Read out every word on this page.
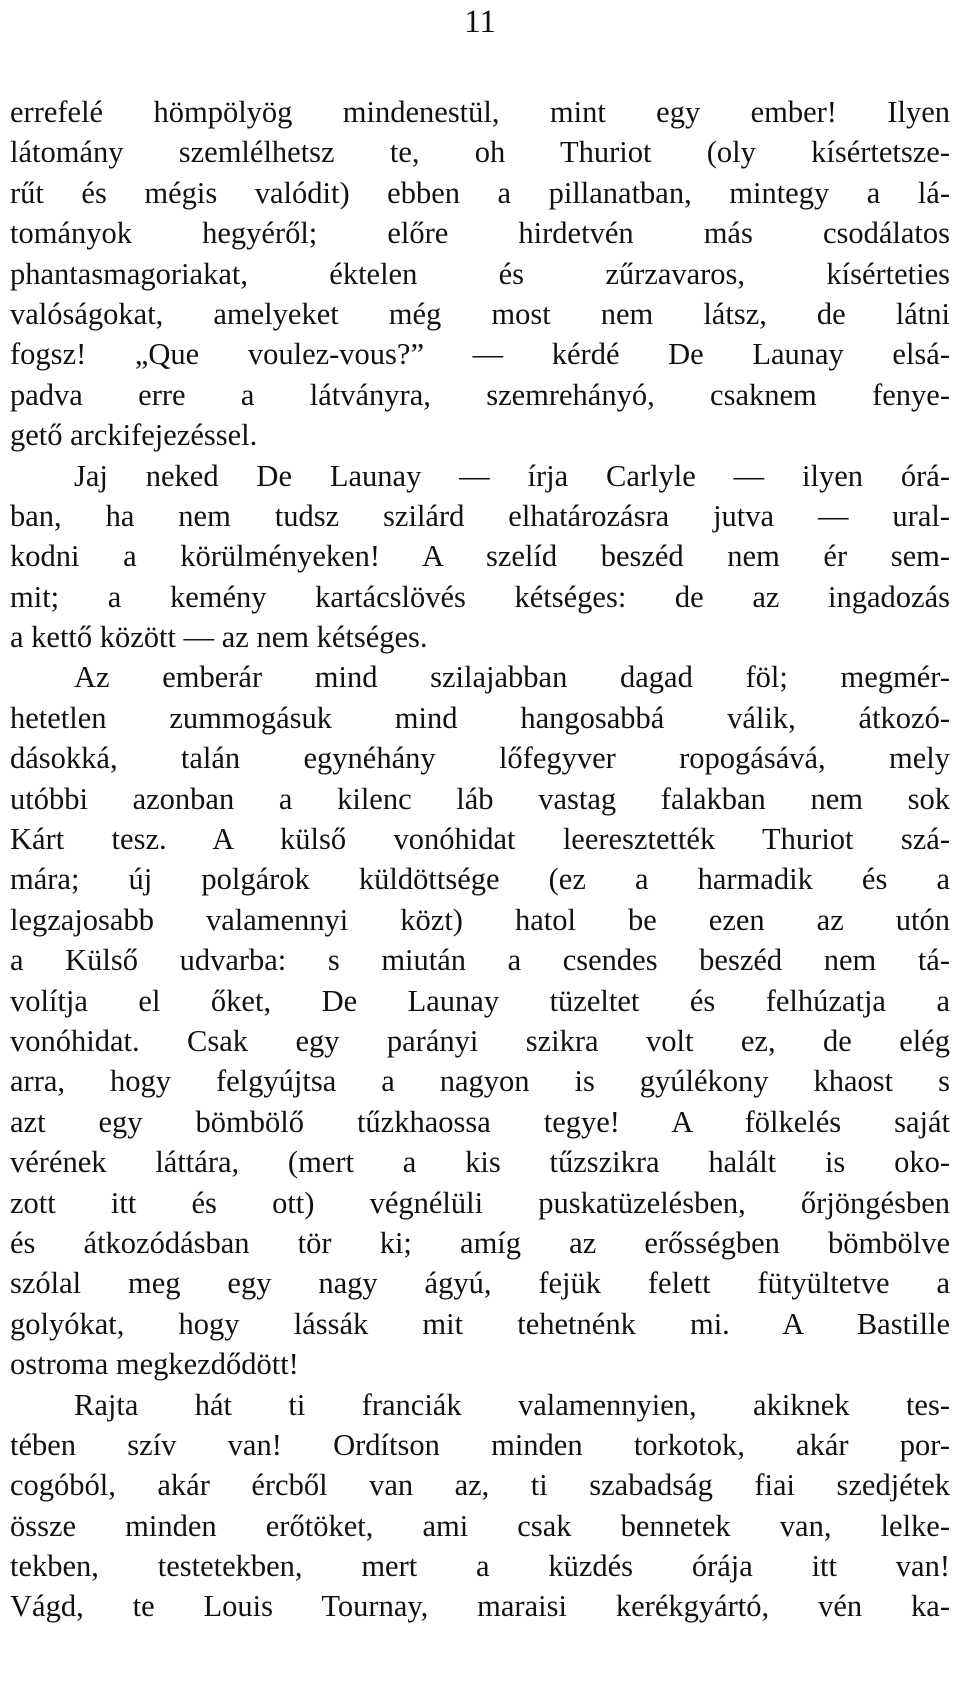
11
errefelé hömpölyög mindenestül, mint egy ember! Ilyen
látomány szemlélhetsz te, oh Thuriot (oly kísértetsze-
rűt és mégis valódit) ebben a pillanatban, mintegy a lá-
tományok hegyéről; előre hirdetvén más csodálatos
phantasmagoriakat, éktelen és zűrzavaros, kísérteties
valóságokat, amelyeket még most nem látsz, de látni
fogsz! „Que voulez-vous?” — kérdé De Launay elsá-
padva erre a látványra, szemrehányó, csaknem fenye-
gető arckifejezéssel.
Jaj neked De Launay — írja Carlyle — ilyen órá-
ban, ha nem tudsz szilárd elhatározásra jutva — ural-
kodni a körülményeken! A szelíd beszéd nem ér sem-
mit; a kemény kartácslövés kétséges: de az ingadozás
a kettő között — az nem kétséges.
Az emberár mind szilajabban dagad föl; megmér-
hetetlen zummogásuk mind hangosabbá válik, átkozó-
dásokká, talán egynéhány lőfegyver ropogásává, mely
utóbbi azonban a kilenc láb vastag falakban nem sok
Kárt tesz. A külső vonóhidat leeresztették Thuriot szá-
mára; új polgárok küldöttsége (ez a harmadik és a
legzajosabb valamennyi közt) hatol be ezen az utón
a Külső udvarba: s miután a csendes beszéd nem tá-
volítja el őket, De Launay tüzeltet és felhúzatja a
vonóhidat. Csak egy parányi szikra volt ez, de elég
arra, hogy felgyújtsa a nagyon is gyúlékony khaost s
azt egy bömbölő tűzkhaossa tegye! A fölkelés saját
vérének láttára, (mert a kis tűzszikra halált is oko-
zott itt és ott) végnélüli puskatüzelésben, őrjöngésben
és átkozódásban tör ki; amíg az erősségben bömbölve
szólal meg egy nagy ágyú, fejük felett fütyültetve a
golyókat, hogy lássák mit tehetnénk mi. A Bastille
ostroma megkezdődött!
Rajta hát ti franciák valamennyien, akiknek tes-
tében szív van! Ordítson minden torkotok, akár por-
cogóból, akár ércből van az, ti szabadság fiai szedjétek
össze minden erőtöket, ami csak bennetek van, lelke-
tekben, testetekben, mert a küzdés órája itt van!
Vágd, te Louis Tournay, maraisi kerékgyártó, vén ka-
